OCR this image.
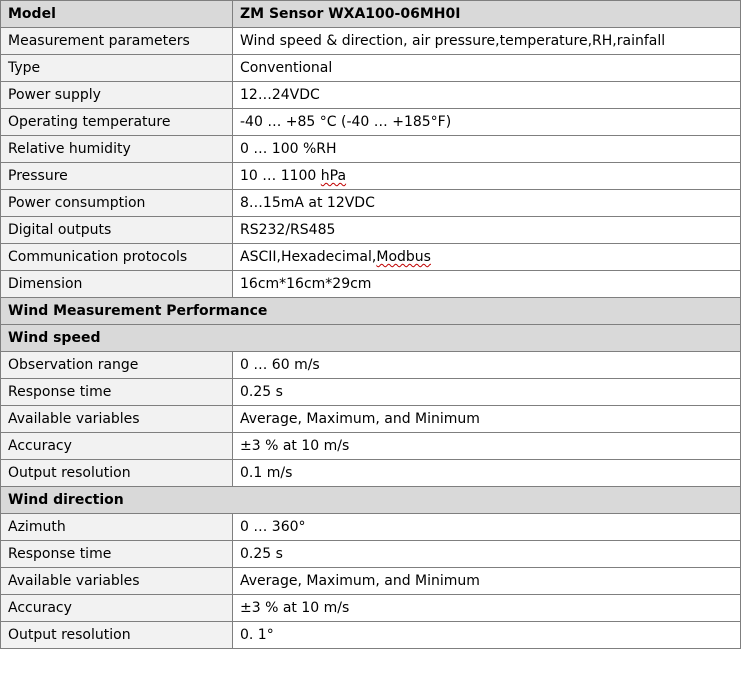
Model	ZM Sensor WXA100-06MH0I
Measurement parameters	Wind speed & direction, air pressure,temperature,RH,rainfall
Type	Conventional
Power supply	12…24VDC
Operating temperature	-40 … +85 °C (-40 … +185°F)
Relative humidity	0 … 100 %RH
Pressure	10 … 1100 hPa
Power consumption	8…15mA at 12VDC
Digital outputs	RS232/RS485
Communication protocols	ASCII,Hexadecimal,Modbus
Dimension	16cm*16cm*29cm
Wind Measurement Performance	
Wind speed	
Observation range	0 … 60 m/s
Response time	0.25 s
Available variables	Average, Maximum, and Minimum
Accuracy	±3 % at 10 m/s
Output resolution	0.1 m/s
Wind direction	
Azimuth	0 … 360°
Response time	0.25 s
Available variables	Average, Maximum, and Minimum
Accuracy	±3 % at 10 m/s
Output resolution	0. 1°
